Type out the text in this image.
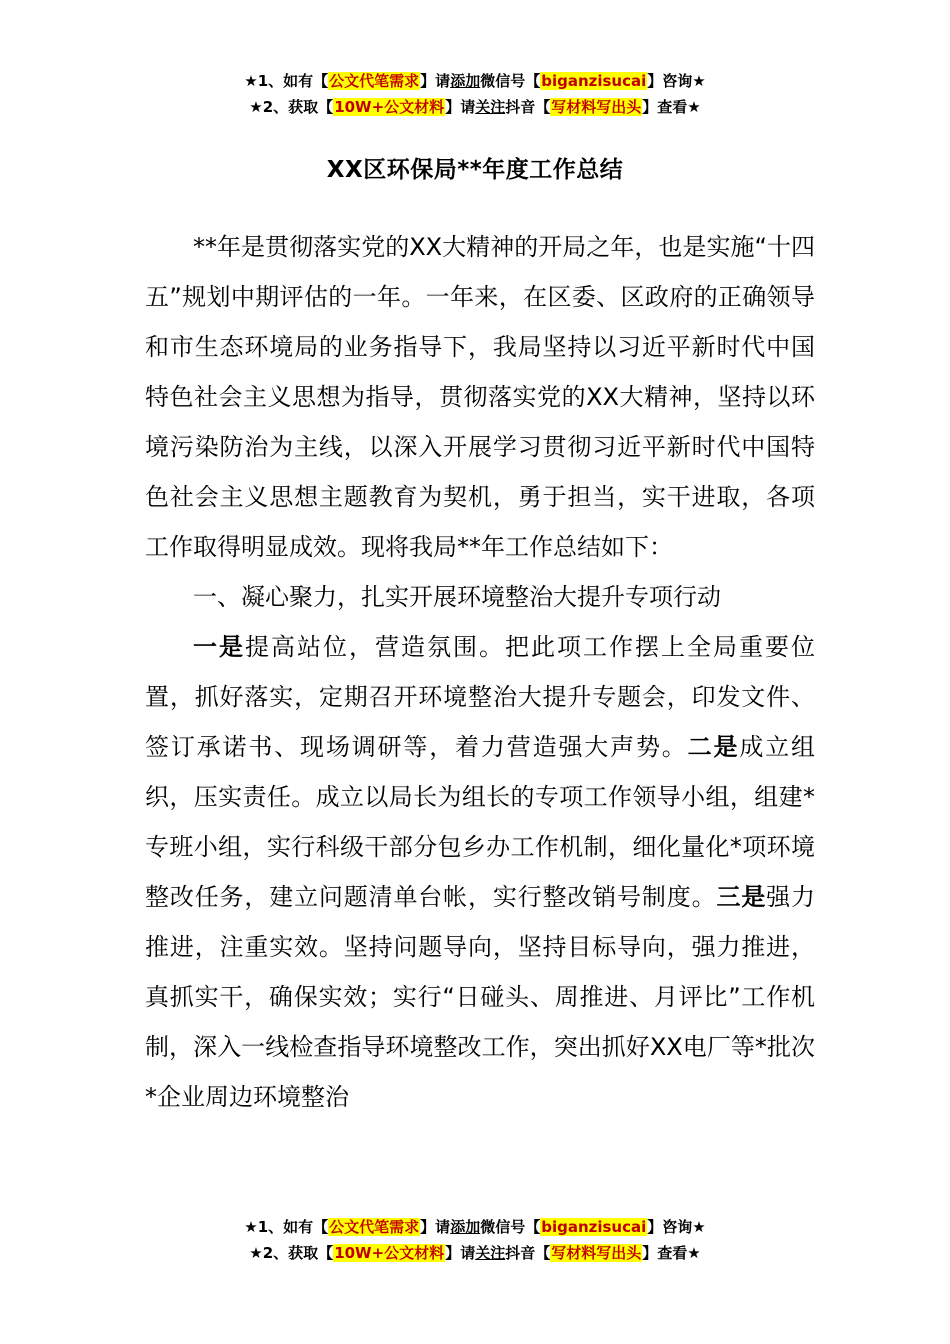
★1、如有【公文代笔需求】请添加微信号【biganzisucai】咨询★
★2、获取【10W+公文材料】请关注抖音【写材料写出头】查看★
XX区环保局**年度工作总结

**年是贯彻落实党的XX大精神的开局之年，也是实施“十四五”规划中期评估的一年。一年来，在区委、区政府的正确领导和市生态环境局的业务指导下，我局坚持以习近平新时代中国特色社会主义思想为指导，贯彻落实党的XX大精神，坚持以环境污染防治为主线，以深入开展学习贯彻习近平新时代中国特色社会主义思想主题教育为契机，勇于担当，实干进取，各项工作取得明显成效。现将我局**年工作总结如下：

一、凝心聚力，扎实开展环境整治大提升专项行动

一是提高站位，营造氛围。把此项工作摆上全局重要位置，抓好落实，定期召开环境整治大提升专题会，印发文件、签订承诺书、现场调研等，着力营造强大声势。二是成立组织，压实责任。成立以局长为组长的专项工作领导小组，组建*专班小组，实行科级干部分包乡办工作机制，细化量化*项环境整改任务，建立问题清单台帐，实行整改销号制度。三是强力推进，注重实效。坚持问题导向，坚持目标导向，强力推进，真抓实干，确保实效；实行“日碰头、周推进、月评比”工作机制，深入一线检查指导环境整改工作，突出抓好XX电厂等*批次*企业周边环境整治

★1、如有【公文代笔需求】请添加微信号【biganzisucai】咨询★
★2、获取【10W+公文材料】请关注抖音【写材料写出头】查看★
